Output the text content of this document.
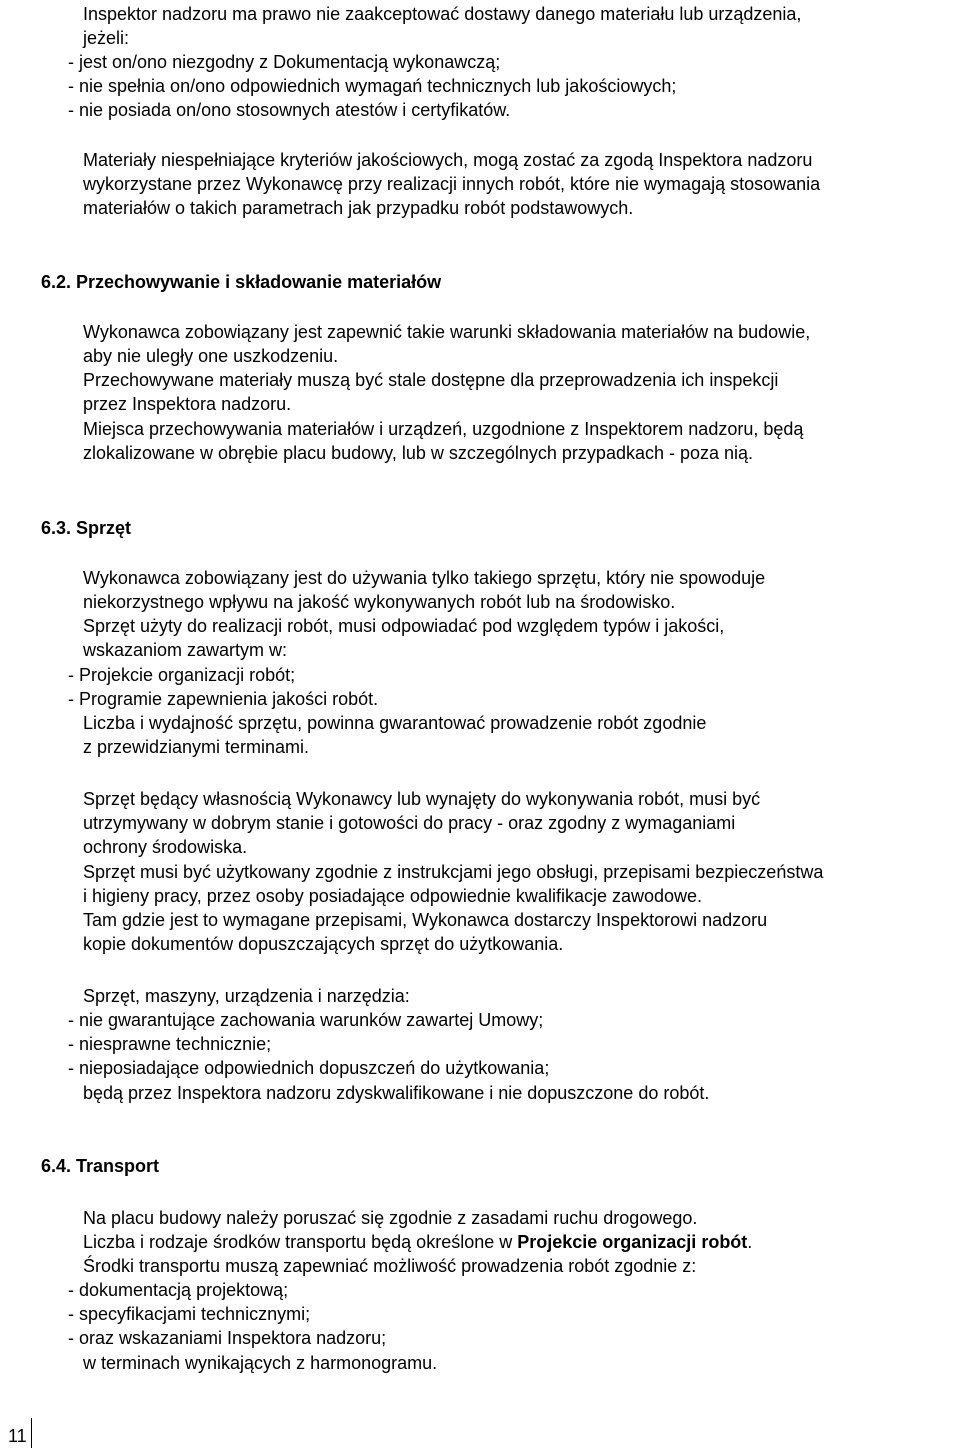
Inspektor nadzoru ma prawo nie zaakceptować dostawy danego materiału lub urządzenia,
jeżeli:
- jest on/ono niezgodny z Dokumentacją wykonawczą;
- nie spełnia on/ono odpowiednich wymagań technicznych lub jakościowych;
- nie posiada on/ono stosownych atestów i certyfikatów.
Materiały niespełniające kryteriów jakościowych, mogą zostać za zgodą Inspektora nadzoru
wykorzystane przez Wykonawcę przy realizacji innych robót, które nie wymagają stosowania
materiałów o takich parametrach jak przypadku robót podstawowych.
6.2. Przechowywanie i składowanie materiałów
Wykonawca zobowiązany jest zapewnić takie warunki składowania materiałów na budowie,
aby nie uległy one uszkodzeniu.
Przechowywane materiały muszą być stale dostępne dla przeprowadzenia ich inspekcji
przez Inspektora nadzoru.
Miejsca przechowywania materiałów i urządzeń, uzgodnione z Inspektorem nadzoru, będą
zlokalizowane w obrębie placu budowy, lub w szczególnych przypadkach - poza nią.
6.3. Sprzęt
Wykonawca zobowiązany jest do używania tylko takiego sprzętu, który nie spowoduje
niekorzystnego wpływu na jakość wykonywanych robót lub na środowisko.
Sprzęt użyty do realizacji robót, musi odpowiadać pod względem typów i jakości,
wskazaniom zawartym w:
- Projekcie organizacji robót;
- Programie zapewnienia jakości robót.
Liczba i wydajność sprzętu, powinna gwarantować prowadzenie robót zgodnie
z przewidzianymi terminami.
Sprzęt będący własnością Wykonawcy lub wynajęty do wykonywania robót, musi być
utrzymywany w dobrym stanie i gotowości do pracy - oraz zgodny z wymaganiami
ochrony środowiska.
Sprzęt musi być użytkowany zgodnie z instrukcjami jego obsługi, przepisami bezpieczeństwa
i higieny pracy, przez osoby posiadające odpowiednie kwalifikacje zawodowe.
Tam gdzie jest to wymagane przepisami, Wykonawca dostarczy Inspektorowi nadzoru
kopie dokumentów dopuszczających sprzęt do użytkowania.
Sprzęt, maszyny, urządzenia i narzędzia:
- nie gwarantujące zachowania warunków zawartej Umowy;
- niesprawne technicznie;
- nieposiadające odpowiednich dopuszczeń do użytkowania;
będą przez Inspektora nadzoru zdyskwalifikowane i nie dopuszczone do robót.
6.4. Transport
Na placu budowy należy poruszać się zgodnie z zasadami ruchu drogowego.
Liczba i rodzaje środków transportu będą określone w Projekcie organizacji robót.
Środki transportu muszą zapewniać możliwość prowadzenia robót zgodnie z:
- dokumentacją projektową;
- specyfikacjami technicznymi;
- oraz wskazaniami Inspektora nadzoru;
w terminach wynikających z harmonogramu.
11
